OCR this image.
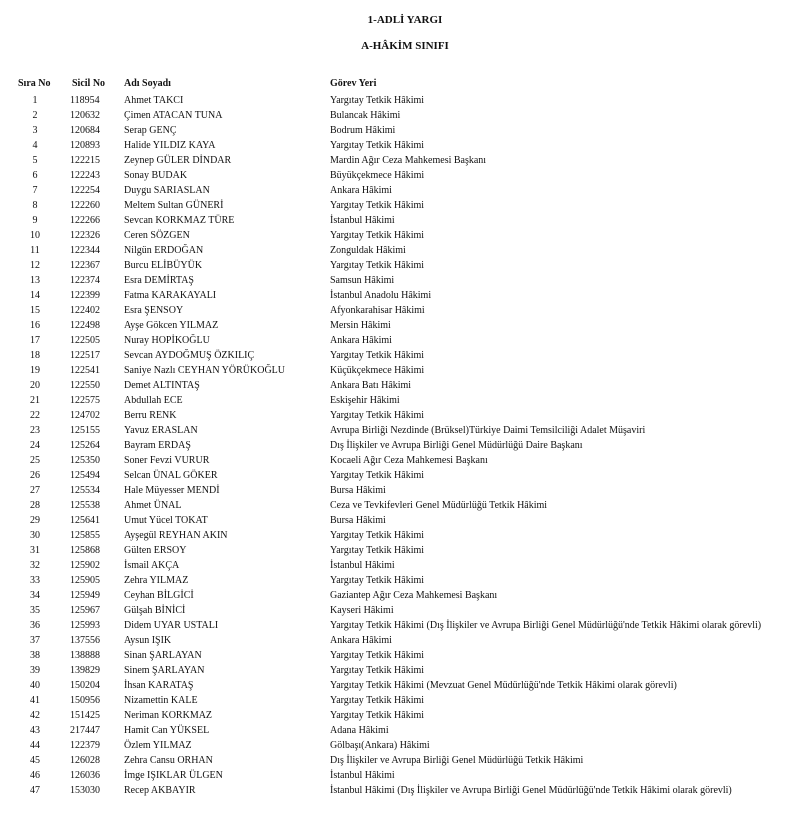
1-ADLİ YARGI
A-HÂKİM SINIFI
Sıra No	Sicil No	Adı Soyadı	Görev Yeri
1	118954	Ahmet TAKCI	Yargıtay Tetkik Hâkimi
2	120632	Çimen ATACAN TUNA	Bulancak Hâkimi
3	120684	Serap GENÇ	Bodrum Hâkimi
4	120893	Halide YILDIZ KAYA	Yargıtay Tetkik Hâkimi
5	122215	Zeynep GÜLER DİNDAR	Mardin Ağır Ceza Mahkemesi Başkanı
6	122243	Sonay BUDAK	Büyükçekmece Hâkimi
7	122254	Duygu SARIASLAN	Ankara Hâkimi
8	122260	Meltem Sultan GÜNERİ	Yargıtay Tetkik Hâkimi
9	122266	Sevcan KORKMAZ TÜRE	İstanbul Hâkimi
10	122326	Ceren SÖZGEN	Yargıtay Tetkik Hâkimi
11	122344	Nilgün ERDOĞAN	Zonguldak Hâkimi
12	122367	Burcu ELİBÜYÜK	Yargıtay Tetkik Hâkimi
13	122374	Esra DEMİRTAŞ	Samsun Hâkimi
14	122399	Fatma KARAKAYALI	İstanbul Anadolu Hâkimi
15	122402	Esra ŞENSOY	Afyonkarahisar Hâkimi
16	122498	Ayşe Gökcen YILMAZ	Mersin Hâkimi
17	122505	Nuray HOPİKOĞLU	Ankara Hâkimi
18	122517	Sevcan AYDOĞMUŞ ÖZKILIÇ	Yargıtay Tetkik Hâkimi
19	122541	Saniye Nazlı CEYHAN YÖRÜKOĞLU	Küçükçekmece Hâkimi
20	122550	Demet ALTINTAŞ	Ankara Batı Hâkimi
21	122575	Abdullah ECE	Eskişehir Hâkimi
22	124702	Berru RENK	Yargıtay Tetkik Hâkimi
23	125155	Yavuz ERASLAN	Avrupa Birliği Nezdinde (Brüksel)Türkiye Daimi Temsilciliği Adalet Müşaviri
24	125264	Bayram ERDAŞ	Dış İlişkiler ve Avrupa Birliği Genel Müdürlüğü Daire Başkanı
25	125350	Soner Fevzi VURUR	Kocaeli Ağır Ceza Mahkemesi Başkanı
26	125494	Selcan ÜNAL GÖKER	Yargıtay Tetkik Hâkimi
27	125534	Hale Müyesser MENDİ	Bursa Hâkimi
28	125538	Ahmet ÜNAL	Ceza ve Tevkifevleri Genel Müdürlüğü Tetkik Hâkimi
29	125641	Umut Yücel TOKAT	Bursa Hâkimi
30	125855	Ayşegül REYHAN AKIN	Yargıtay Tetkik Hâkimi
31	125868	Gülten ERSOY	Yargıtay Tetkik Hâkimi
32	125902	İsmail AKÇA	İstanbul Hâkimi
33	125905	Zehra YILMAZ	Yargıtay Tetkik Hâkimi
34	125949	Ceyhan BİLGİCİ	Gaziantep Ağır Ceza Mahkemesi Başkanı
35	125967	Gülşah BİNİCİ	Kayseri Hâkimi
36	125993	Didem UYAR USTALI	Yargıtay Tetkik Hâkimi (Dış İlişkiler ve Avrupa Birliği Genel Müdürlüğü'nde Tetkik Hâkimi olarak görevli)
37	137556	Aysun IŞIK	Ankara Hâkimi
38	138888	Sinan ŞARLAYAN	Yargıtay Tetkik Hâkimi
39	139829	Sinem ŞARLAYAN	Yargıtay Tetkik Hâkimi
40	150204	İhsan KARATAŞ	Yargıtay Tetkik Hâkimi (Mevzuat Genel Müdürlüğü'nde Tetkik Hâkimi olarak görevli)
41	150956	Nizamettin KALE	Yargıtay Tetkik Hâkimi
42	151425	Neriman KORKMAZ	Yargıtay Tetkik Hâkimi
43	217447	Hamit Can YÜKSEL	Adana Hâkimi
44	122379	Özlem YILMAZ	Gölbaşı(Ankara) Hâkimi
45	126028	Zehra Cansu ORHAN	Dış İlişkiler ve Avrupa Birliği Genel Müdürlüğü Tetkik Hâkimi
46	126036	İmge IŞIKLAR ÜLGEN	İstanbul Hâkimi
47	153030	Recep AKBAYIR	İstanbul Hâkimi (Dış İlişkiler ve Avrupa Birliği Genel Müdürlüğü'nde Tetkik Hâkimi olarak görevli)
